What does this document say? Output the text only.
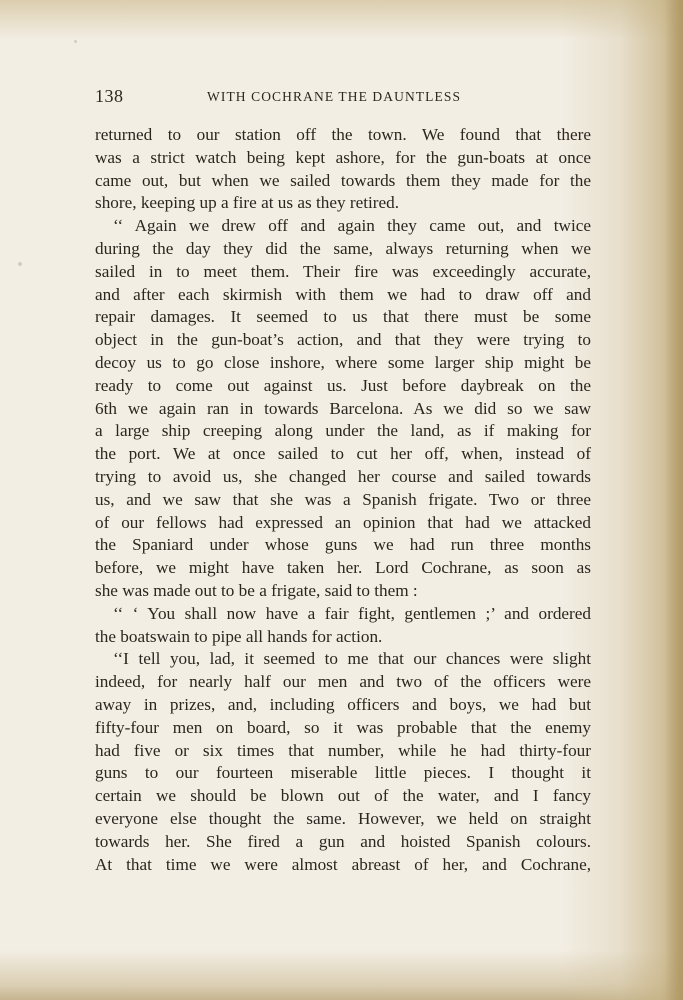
138	WITH COCHRANE THE DAUNTLESS
returned to our station off the town. We found that there
was a strict watch being kept ashore, for the gun-boats at once
came out, but when we sailed towards them they made for the
shore, keeping up a fire at us as they retired.
‘‘ Again we drew off and again they came out, and twice
during the day they did the same, always returning when we
sailed in to meet them. Their fire was exceedingly accurate,
and after each skirmish with them we had to draw off and
repair damages. It seemed to us that there must be some
object in the gun-boat’s action, and that they were trying to
decoy us to go close inshore, where some larger ship might be
ready to come out against us. Just before daybreak on the
6th we again ran in towards Barcelona. As we did so we saw
a large ship creeping along under the land, as if making for
the port. We at once sailed to cut her off, when, instead of
trying to avoid us, she changed her course and sailed towards
us, and we saw that she was a Spanish frigate. Two or three
of our fellows had expressed an opinion that had we attacked
the Spaniard under whose guns we had run three months
before, we might have taken her. Lord Cochrane, as soon as
she was made out to be a frigate, said to them :
‘‘ ‘ You shall now have a fair fight, gentlemen ;’ and ordered
the boatswain to pipe all hands for action.
‘‘I tell you, lad, it seemed to me that our chances were slight
indeed, for nearly half our men and two of the officers were
away in prizes, and, including officers and boys, we had but
fifty-four men on board, so it was probable that the enemy
had five or six times that number, while he had thirty-four
guns to our fourteen miserable little pieces. I thought it
certain we should be blown out of the water, and I fancy
everyone else thought the same. However, we held on straight
towards her. She fired a gun and hoisted Spanish colours.
At that time we were almost abreast of her, and Cochrane,
